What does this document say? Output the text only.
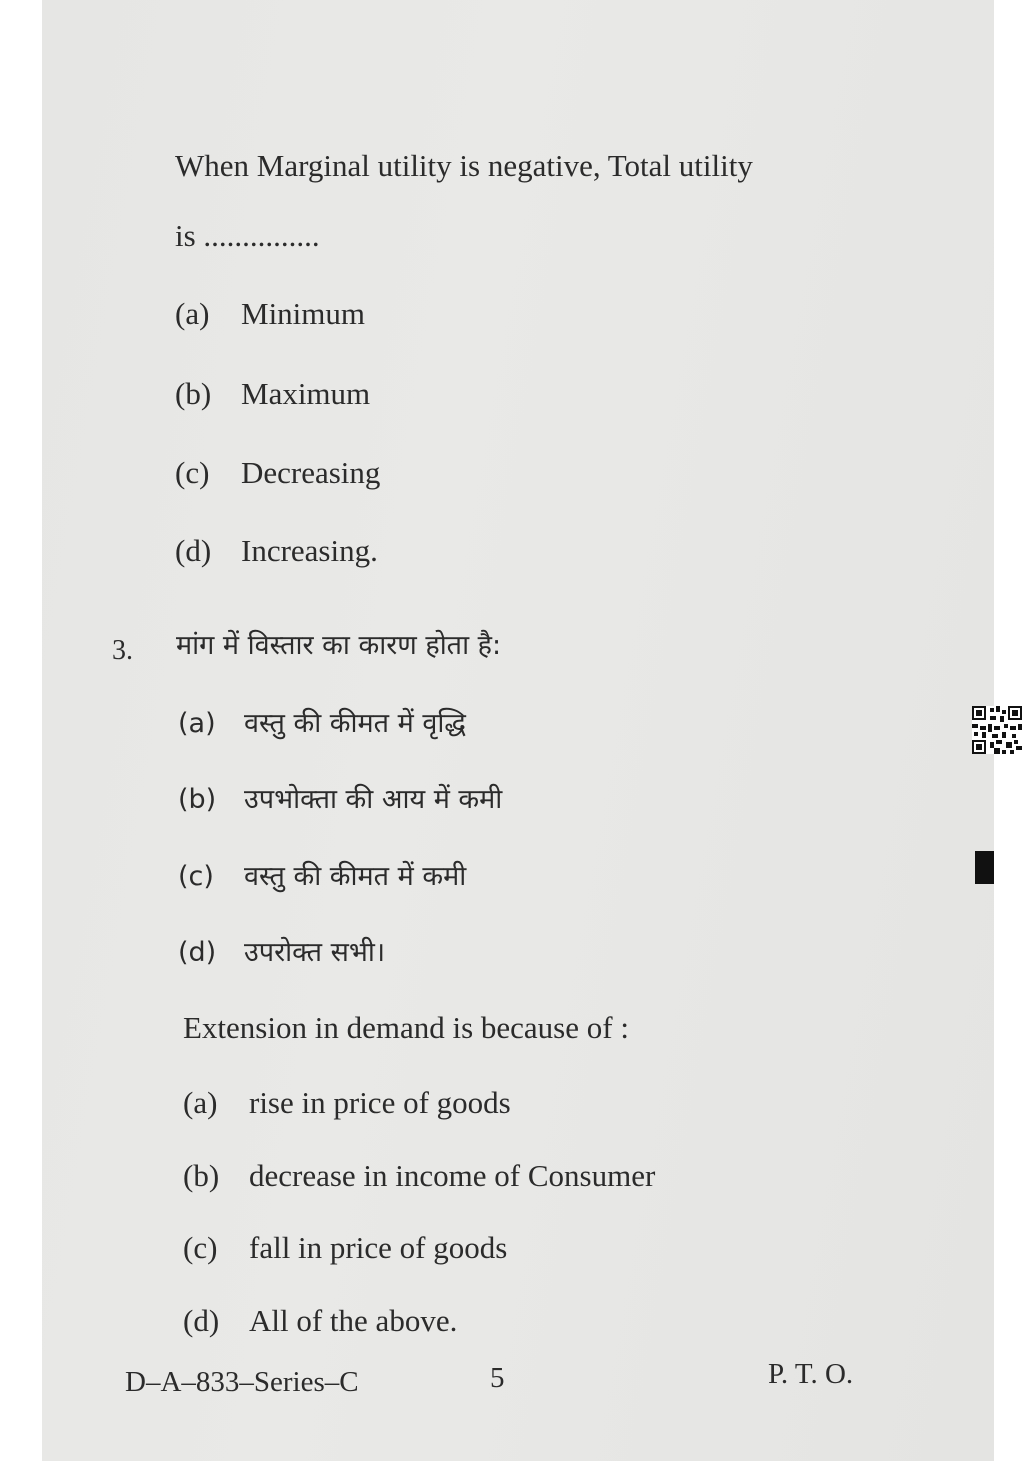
When Marginal utility is negative, Total utility
is ...............
(a) Minimum
(b) Maximum
(c) Decreasing
(d) Increasing.
3. मांग में विस्तार का कारण होता है:
(a) वस्तु की कीमत में वृद्धि
(b) उपभोक्ता की आय में कमी
(c) वस्तु की कीमत में कमी
(d) उपरोक्त सभी।
Extension in demand is because of :
(a) rise in price of goods
(b) decrease in income of Consumer
(c) fall in price of goods
(d) All of the above.
D–A–833–Series–C	5	P. T. O.
